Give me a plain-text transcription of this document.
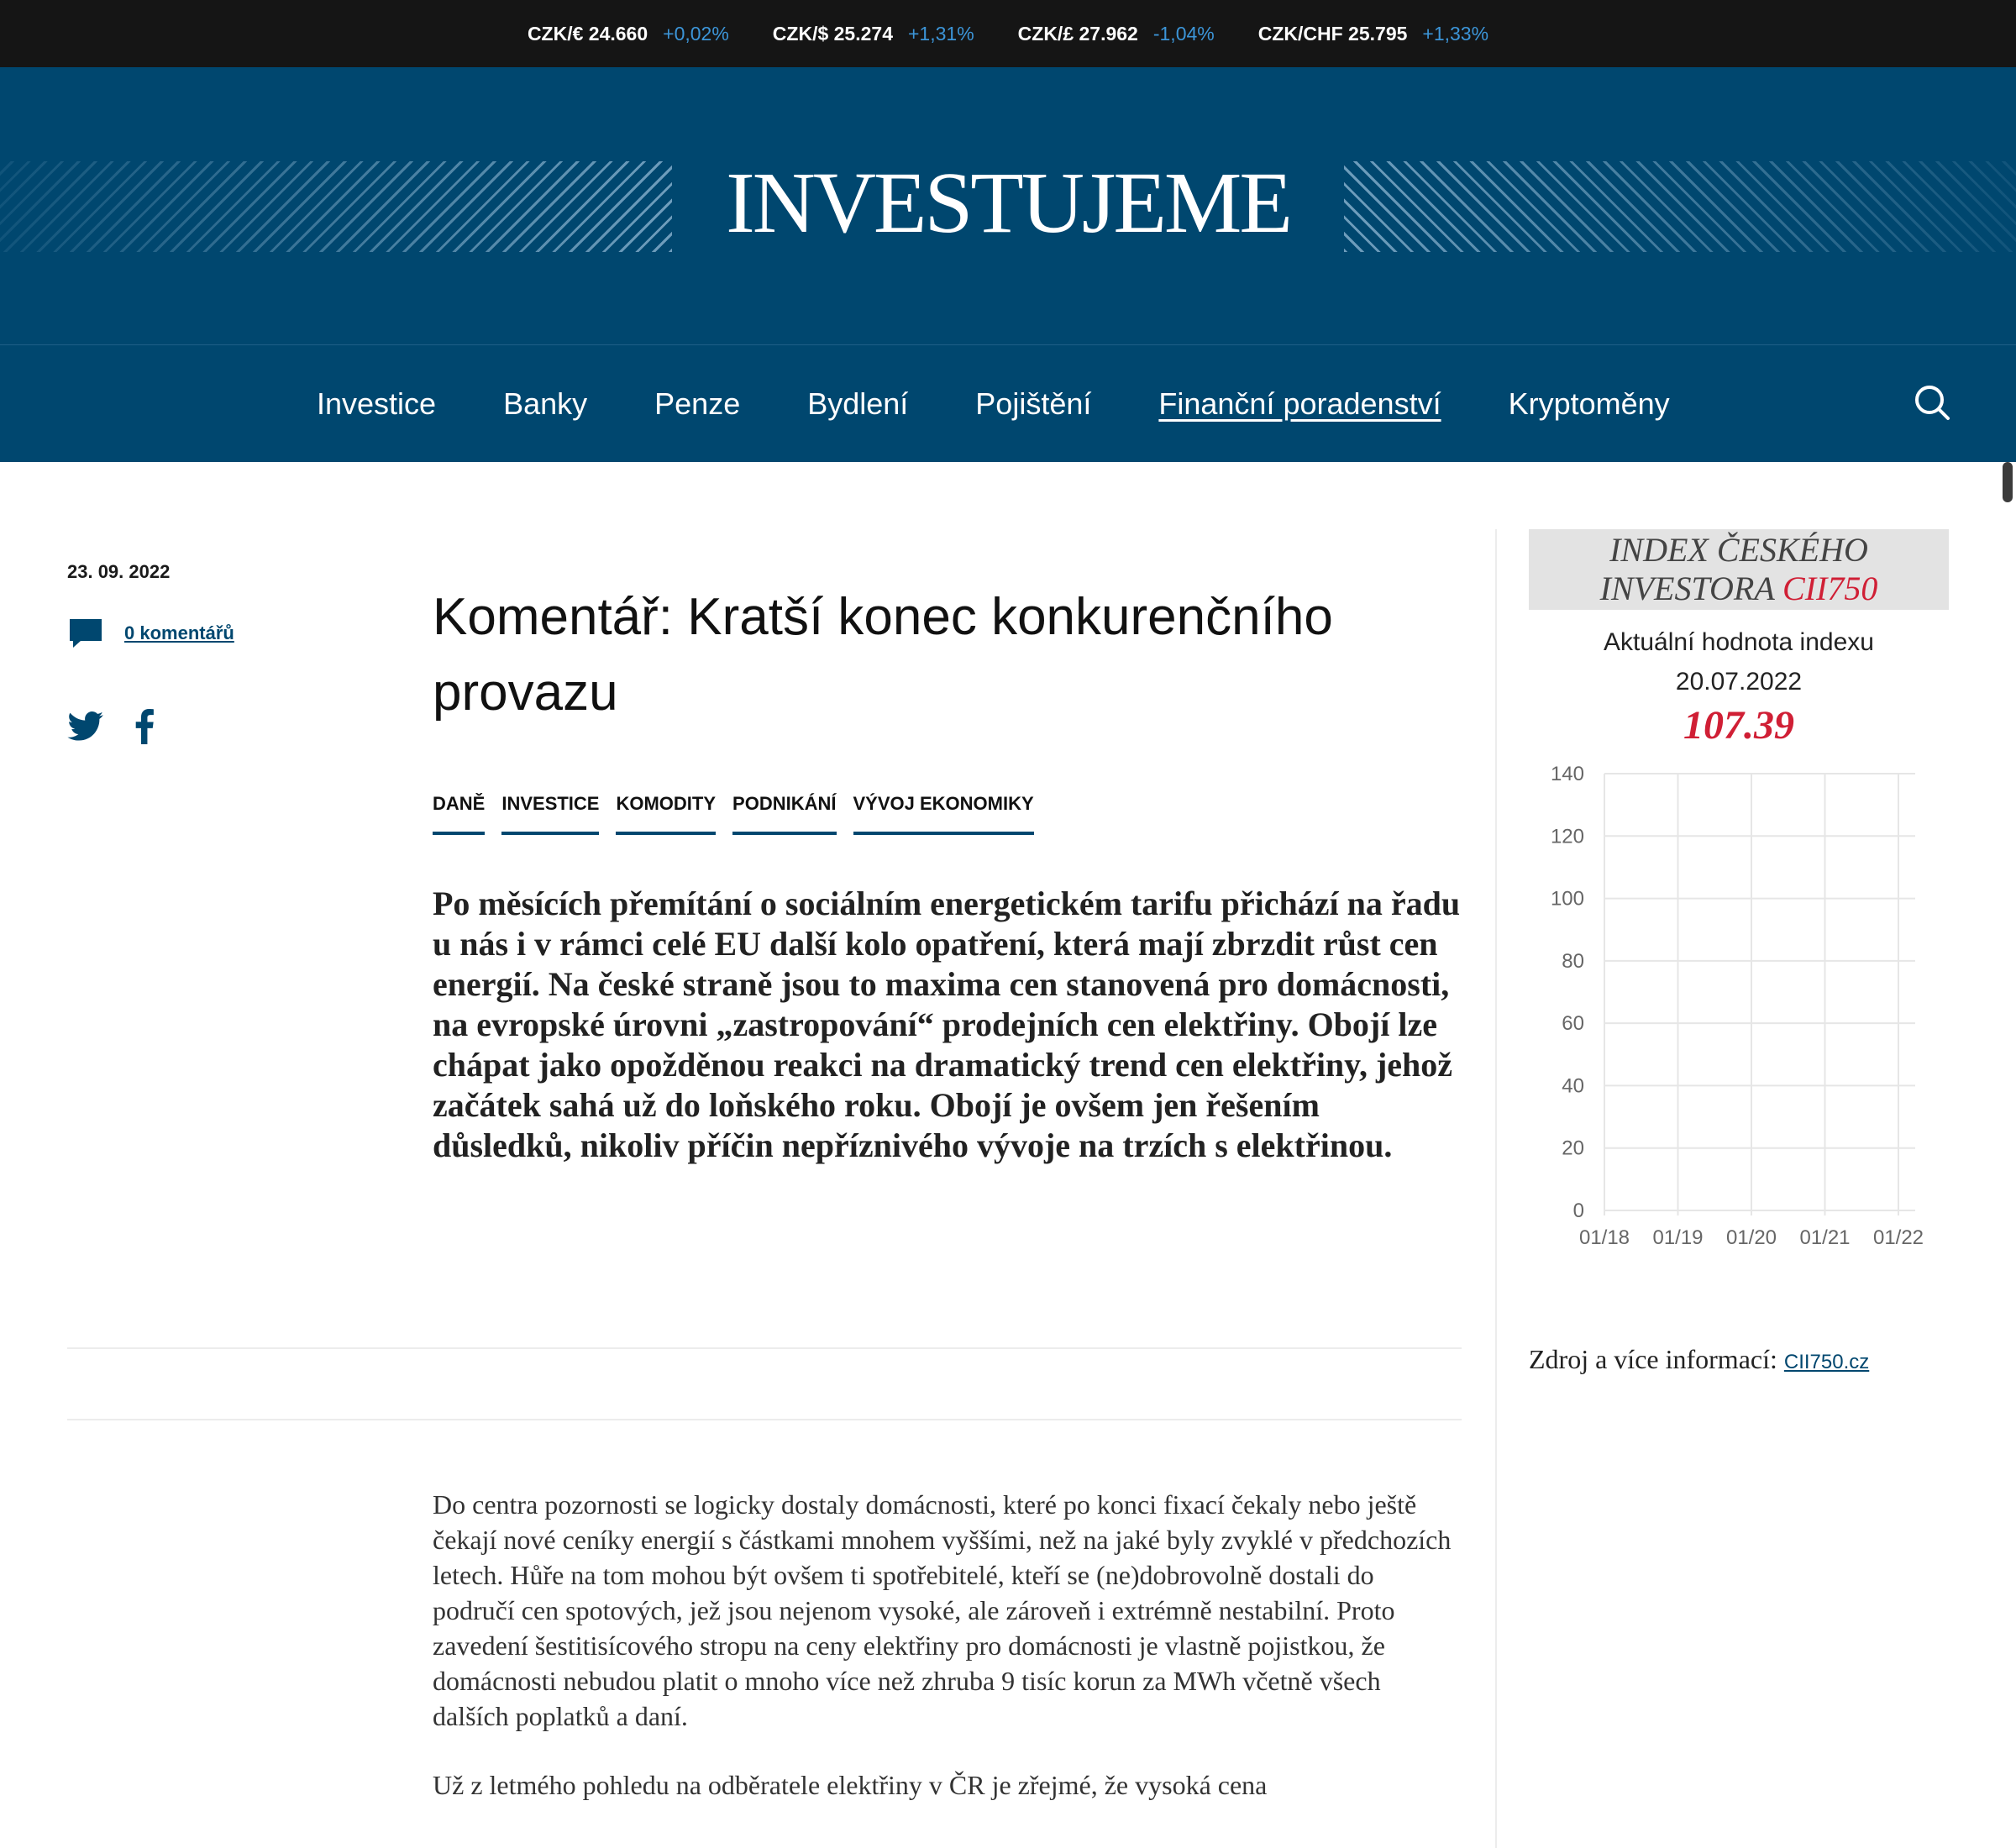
CZK/€ 24.660 +0,02% CZK/$ 25.274 +1,31% CZK/£ 27.962 -1,04% CZK/CHF 25.795 +1,33%
INVESTUJEME
Investice Banky Penze Bydlení Pojištění Finanční poradenství Kryptoměny
23. 09. 2022
0 komentářů	Komentář: Kratší konec konkurenčního provazu
DANĚ INVESTICE KOMODITY PODNIKÁNÍ VÝVOJ EKONOMIKY

Po měsících přemítání o sociálním energetickém tarifu přichází na řadu u nás i v rámci celé EU další kolo opatření, která mají zbrzdit růst cen energií. Na české straně jsou to maxima cen stanovená pro domácnosti, na evropské úrovni „zastropování“ prodejních cen elektřiny. Obojí lze chápat jako opožděnou reakci na dramatický trend cen elektřiny, jehož začátek sahá už do loňského roku. Obojí je ovšem jen řešením důsledků, nikoliv příčin nepříznivého vývoje na trzích s elektřinou.

Do centra pozornosti se logicky dostaly domácnosti, které po konci fixací čekaly nebo ještě čekají nové ceníky energií s částkami mnohem vyššími, než na jaké byly zvyklé v předchozích letech. Hůře na tom mohou být ovšem ti spotřebitelé, kteří se (ne)dobrovolně dostali do područí cen spotových, jež jsou nejenom vysoké, ale zároveň i extrémně nestabilní. Proto zavedení šestitisícového stropu na ceny elektřiny pro domácnosti je vlastně pojistkou, že domácnosti nebudou platit o mnoho více než zhruba 9 tisíc korun za MWh včetně všech dalších poplatků a daní.

Už z letmého pohledu na odběratele elektřiny v ČR je zřejmé, že vysoká cena

INDEX ČESKÉHO
INVESTORA CII750
Aktuální hodnota indexu
20.07.2022
107.39
0
20
40
60
80
100
120
140
01/18 01/19 01/20 01/21 01/22
Zdroj a více informací: CII750.cz
